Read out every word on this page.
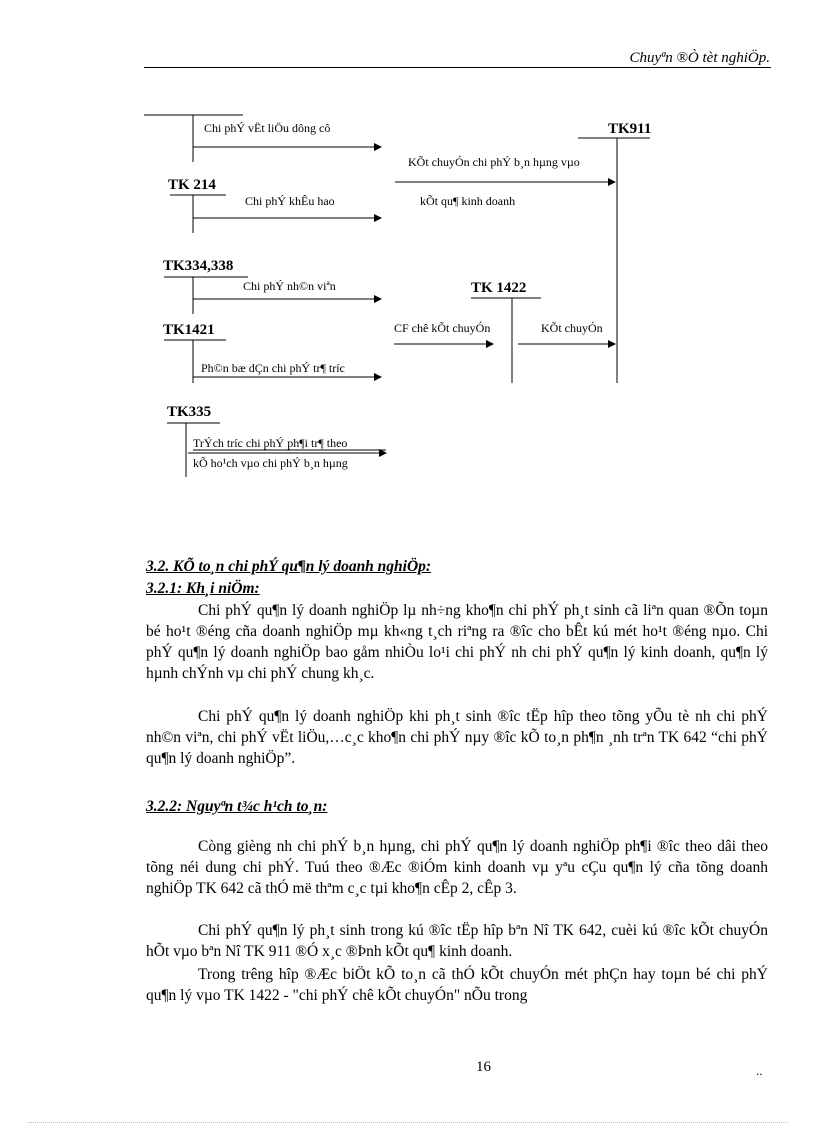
Chuyªn ®Ò tèt nghiÖp.
Chi phÝ vËt liÖu dông cô	TK911
KÕt chuyÓn chi phÝ b¸n hµng vµo
TK 214
Chi phÝ khÊu hao	kÕt qu¶ kinh doanh
TK334,338
Chi phÝ nh©n viªn	TK 1422
TK1421	CF chê kÕt chuyÓn	KÕt chuyÓn
Ph©n bæ dÇn chi phÝ tr¶ tríc
TK335
TrÝch tríc chi phÝ ph¶i tr¶ theo
kÕ ho¹ch vµo chi phÝ b¸n hµng
3.2. KÕ to¸n chi phÝ qu¶n lý doanh nghiÖp:
3.2.1: Kh¸i niÖm:

Chi phÝ qu¶n lý doanh nghiÖp lµ nh÷ng kho¶n chi phÝ ph¸t sinh cã liªn quan ®Õn toµn bé ho¹t ®éng cña doanh nghiÖp mµ kh«ng t¸ch riªng ra ®îc cho bÊt kú mét ho¹t ®éng nµo. Chi phÝ qu¶n lý doanh nghiÖp bao gåm nhiÒu lo¹i chi phÝ nh chi phÝ qu¶n lý kinh doanh, qu¶n lý hµnh chÝnh vµ chi phÝ chung kh¸c.

Chi phÝ qu¶n lý doanh nghiÖp khi ph¸t sinh ®îc tËp hîp theo tõng yÕu tè nh chi phÝ nh©n viªn, chi phÝ vËt liÖu,…c¸c kho¶n chi phÝ nµy ®îc kÕ to¸n ph¶n ¸nh trªn TK 642 “chi phÝ qu¶n lý doanh nghiÖp”.

3.2.2: Nguyªn t¾c h¹ch to¸n:

Còng gièng nh chi phÝ b¸n hµng, chi phÝ qu¶n lý doanh nghiÖp ph¶i ®îc theo dâi theo tõng néi dung chi phÝ. Tuú theo ®Æc ®iÓm kinh doanh vµ yªu cÇu qu¶n lý cña tõng doanh nghiÖp TK 642 cã thÓ më thªm c¸c tµi kho¶n cÊp 2, cÊp 3.

Chi phÝ qu¶n lý ph¸t sinh trong kú ®îc tËp hîp bªn Nî TK 642, cuèi kú ®îc kÕt chuyÓn hÕt vµo bªn Nî TK 911 ®Ó x¸c ®Þnh kÕt qu¶ kinh doanh.

Trong trêng hîp ®Æc biÖt kÕ to¸n cã thÓ kÕt chuyÓn mét phÇn hay toµn bé chi phÝ qu¶n lý vµo TK 1422 - "chi phÝ chê kÕt chuyÓn" nÕu trong

16	..
